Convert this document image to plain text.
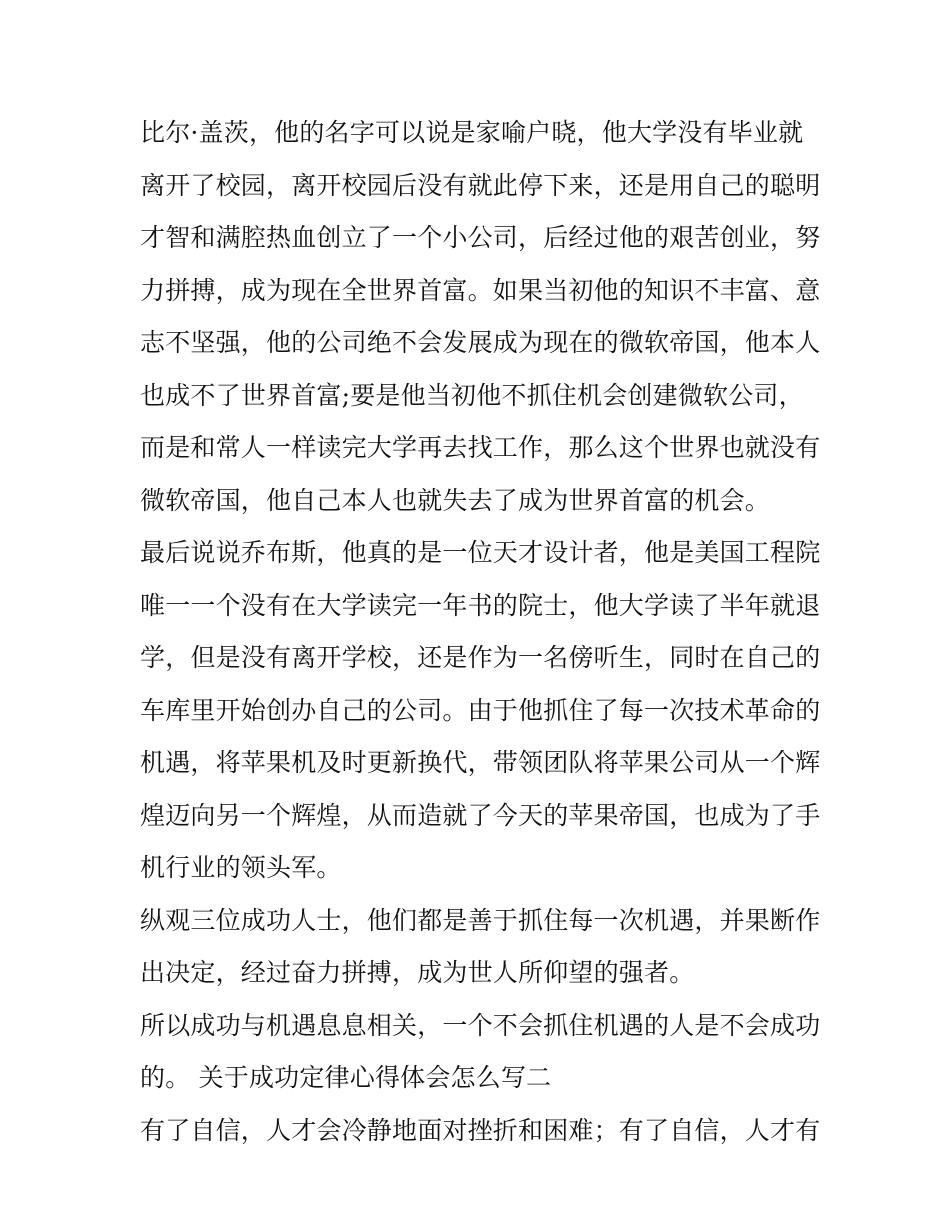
比尔·盖茨，他的名字可以说是家喻户晓，他大学没有毕业就
离开了校园，离开校园后没有就此停下来，还是用自己的聪明
才智和满腔热血创立了一个小公司，后经过他的艰苦创业，努
力拼搏，成为现在全世界首富。如果当初他的知识不丰富、意
志不坚强，他的公司绝不会发展成为现在的微软帝国，他本人
也成不了世界首富;要是他当初他不抓住机会创建微软公司，
而是和常人一样读完大学再去找工作，那么这个世界也就没有
微软帝国，他自己本人也就失去了成为世界首富的机会。
最后说说乔布斯，他真的是一位天才设计者，他是美国工程院
唯一一个没有在大学读完一年书的院士，他大学读了半年就退
学，但是没有离开学校，还是作为一名傍听生，同时在自己的
车库里开始创办自己的公司。由于他抓住了每一次技术革命的
机遇，将苹果机及时更新换代，带领团队将苹果公司从一个辉
煌迈向另一个辉煌，从而造就了今天的苹果帝国，也成为了手
机行业的领头军。
纵观三位成功人士，他们都是善于抓住每一次机遇，并果断作
出决定，经过奋力拼搏，成为世人所仰望的强者。
所以成功与机遇息息相关，一个不会抓住机遇的人是不会成功
的。 关于成功定律心得体会怎么写二
有了自信，人才会冷静地面对挫折和困难；有了自信，人才有
